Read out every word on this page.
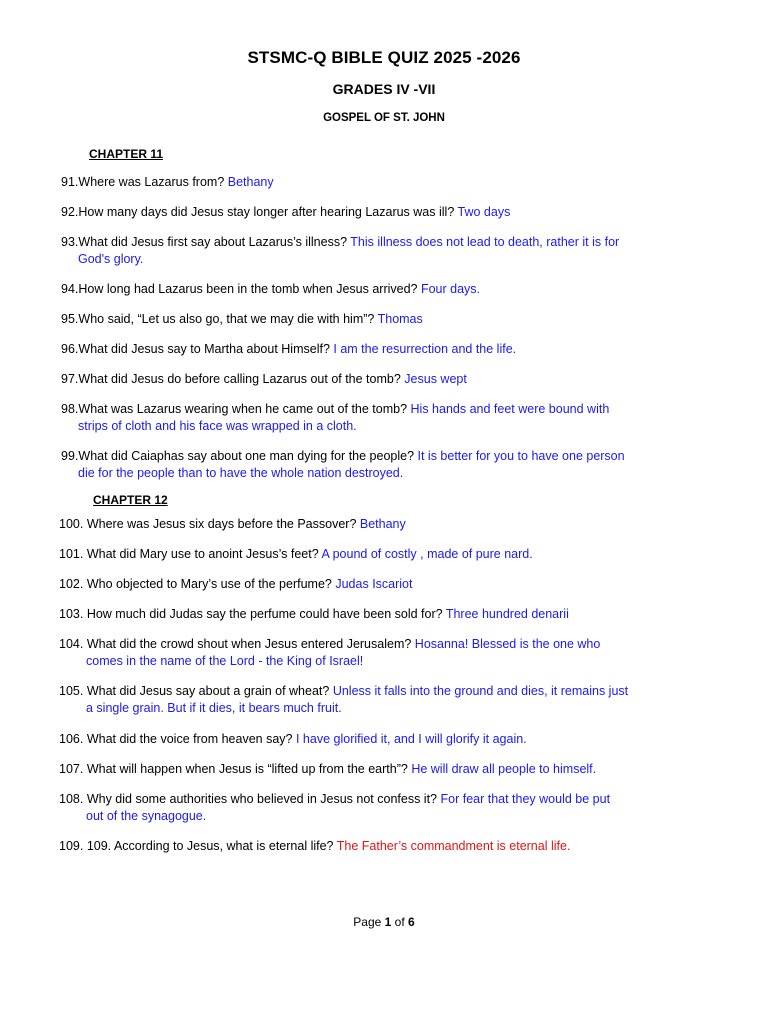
STSMC-Q BIBLE QUIZ 2025 -2026
GRADES IV -VII
GOSPEL OF ST. JOHN
CHAPTER 11
91.Where was Lazarus from? Bethany
92.How many days did Jesus stay longer after hearing Lazarus was ill? Two days
93.What did Jesus first say about Lazarus’s illness? This illness does not lead to death, rather it is for
God's glory.
94.How long had Lazarus been in the tomb when Jesus arrived? Four days.
95.Who said, “Let us also go, that we may die with him”? Thomas
96.What did Jesus say to Martha about Himself? I am the resurrection and the life.
97.What did Jesus do before calling Lazarus out of the tomb? Jesus wept
98.What was Lazarus wearing when he came out of the tomb? His hands and feet were bound with
strips of cloth and his face was wrapped in a cloth.
99.What did Caiaphas say about one man dying for the people? It is better for you to have one person
die for the people than to have the whole nation destroyed.
CHAPTER 12
100. Where was Jesus six days before the Passover? Bethany
101. What did Mary use to anoint Jesus’s feet? A pound of costly , made of pure nard.
102. Who objected to Mary’s use of the perfume? Judas Iscariot
103. How much did Judas say the perfume could have been sold for? Three hundred denarii
104. What did the crowd shout when Jesus entered Jerusalem? Hosanna! Blessed is the one who
comes in the name of the Lord - the King of Israel!
105. What did Jesus say about a grain of wheat? Unless it falls into the ground and dies, it remains just
a single grain. But if it dies, it bears much fruit.
106. What did the voice from heaven say? I have glorified it, and I will glorify it again.
107. What will happen when Jesus is “lifted up from the earth”? He will draw all people to himself.
108. Why did some authorities who believed in Jesus not confess it? For fear that they would be put
out of the synagogue.
109. 109. According to Jesus, what is eternal life? The Father’s commandment is eternal life.
Page 1 of 6
